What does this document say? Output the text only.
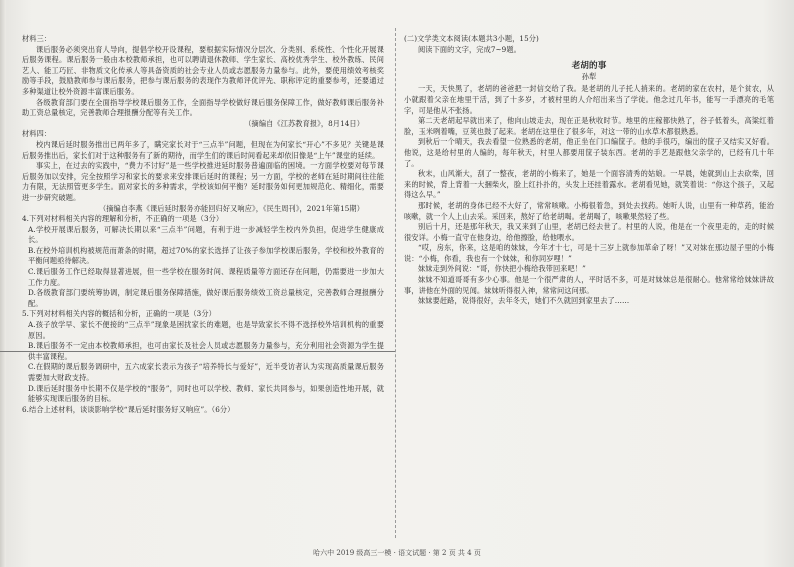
材料三：

课后服务必须突出育人导向，提倡学校开设课程，要根据实际情况分层次、分类别、系统性、个性化开展课后服务课程。课后服务一般由本校教师承担，也可以聘请退休教师、学生家长、高校优秀学生、校外教练、民间艺人、能工巧匠、非物质文化传承人等具备资质的社会专业人员或志愿服务力量参与。此外，要使用绩效考核奖励等手段，鼓励教师参与课后服务，把参与课后服务的表现作为教师评优评先、职称评定的重要参考，还要通过多种渠道让校外资源丰富课后服务。

各级教育部门要在全面指导学校课后服务工作，全面指导学校做好课后服务保障工作，做好教师课后服务补助工资总量核定，完善教师合理报酬分配等有关工作。

（摘编自《江苏教育报》，8月14日）

材料四：

校内课后延时服务推出已两年多了，瞒完家长对于“三点半”问题，但现在为何家长“开心”不多见？关键是课后服务推出后，家长们对于这种服务有了新的期待，而学生们的课后时间看起来却依旧像是“上午”课堂的延续。

事实上，在过去的实践中，“费力不讨好”是一些学校推进延时服务普遍面临的困境。一方面学校要对每节课后服务加以安排，完全按照学习和家长的要求来安排课后延时的课程；另一方面，学校的老师在延时期间往往能力有限，无法照管更多学生。面对家长的多种需求，学校该如何平衡？延时服务如何更加规范化、精细化，需要进一步研究破题。

（摘编自李燕《课后延时服务亦能回归好又响应》，《民生周刊》，2021年第15期）

4.下列对材料相关内容的理解和分析，不正确的一项是（3分）

A.学校开展课后服务，可解决长期以来“三点半”问题，有利于进一步减轻学生校内外负担，促进学生健康成长。

B.在校外培训机构被规范而萧条的时期，超过70%的家长选择了让孩子参加学校课后服务，学校和校外教育的平衡问题亟待解决。

C.课后服务工作已经取得显著进展，但一些学校在服务时间、课程质量等方面还存在问题，仍需要进一步加大工作力度。

D.各级教育部门要统筹协调，制定课后服务保障措施，做好课后服务绩效工资总量核定，完善教师合理报酬分配。

5.下列对材料相关内容的概括和分析，正确的一项是（3分）

A.孩子放学早、家长不便接的“三点半”现象是困扰家长的难题，也是导致家长不得不选择校外培训机构的重要原因。

B.课后服务不一定由本校教师承担，也可由家长及社会人员或志愿服务力量参与，充分利用社会资源为学生提供丰富课程。

C.在假期的课后服务调研中，五六成家长表示为孩子“培养特长与爱好”，近半受访者认为实现高质量课后服务需要加大财政支持。

D.课后延时服务中长期不仅是学校的“服务”，同时也可以学校、教师、家长共同参与，如果创造性地开展，就能够实现课后服务的目标。

6.结合上述材料，谈谈影响学校“课后延时服务好又响应”。（6分）

(二)文学类文本阅读(本题共3小题，15分)

阅读下面的文字，完成7~9题。

老胡的事

孙犁

一天，天快黑了，老胡的爸爸把一封信交给了我。是老胡的儿子托人捎来的。老胡的家在农村，是个贫农，从小就跟着父亲在地里干活，到了十多岁，才被村里的人介绍出来当了学徒。他念过几年书，能写一手漂亮的毛笔字，可是他从不张扬。

第二天老胡起早就出来了，他向山坡走去，现在正是秋收时节。地里的庄稼都快熟了，谷子低着头，高粱红着脸，玉米咧着嘴，豆荚也鼓了起来。老胡在这里住了很多年，对这一带的山水草木都很熟悉。

到秋后一个晴天，我去看望一位熟悉的老胡，他正坐在门口编筐子。他的手很巧，编出的筐子又结实又好看。他说，这是给村里的人编的，每年秋天，村里人都要用筐子装东西。老胡的手艺是跟他父亲学的，已经有几十年了。

秋末，山风渐大，刮了一整夜，老胡的小梅来了，她是一个面容清秀的姑娘。一早晨，她就到山上去砍柴，回来的时候，背上背着一大捆柴火，脸上红扑扑的，头发上还挂着露水。老胡看见她，就笑着说：“你这个孩子，又起得这么早。”

那时候，老胡的身体已经不大好了，常常咳嗽。小梅很着急，到处去找药。她听人说，山里有一种草药，能治咳嗽，就一个人上山去采。采回来，熬好了给老胡喝。老胡喝了，咳嗽果然轻了些。

别后十月，还是那年秋天，我又来到了山里，老胡已经去世了。村里的人说，他是在一个夜里走的，走的时候很安详。小梅一直守在他身边，给他擦脸，给他喂水。

“哎，房东，你来，这是咱的妹妹，今年才十七，可是十三岁上就参加革命了呀！”又对妹在那边屋子里的小梅说：“小梅，你看，我也有一个妹妹，和你同岁哩！”

妹妹走到外间说：“哥，你快把小梅给我带回来吧！”

妹妹不知道哥哥有多少心事。他是一个很严肃的人，平时话不多，可是对妹妹总是很耐心。他常常给妹妹讲故事，讲他在外面的见闻。妹妹听得很入神，常常问这问那。

妹妹要赶路，说得很好，去年冬天，她们不久就回到家里去了……

哈六中 2019 级高三一模 · 语文试题 · 第 2 页 共 4 页
